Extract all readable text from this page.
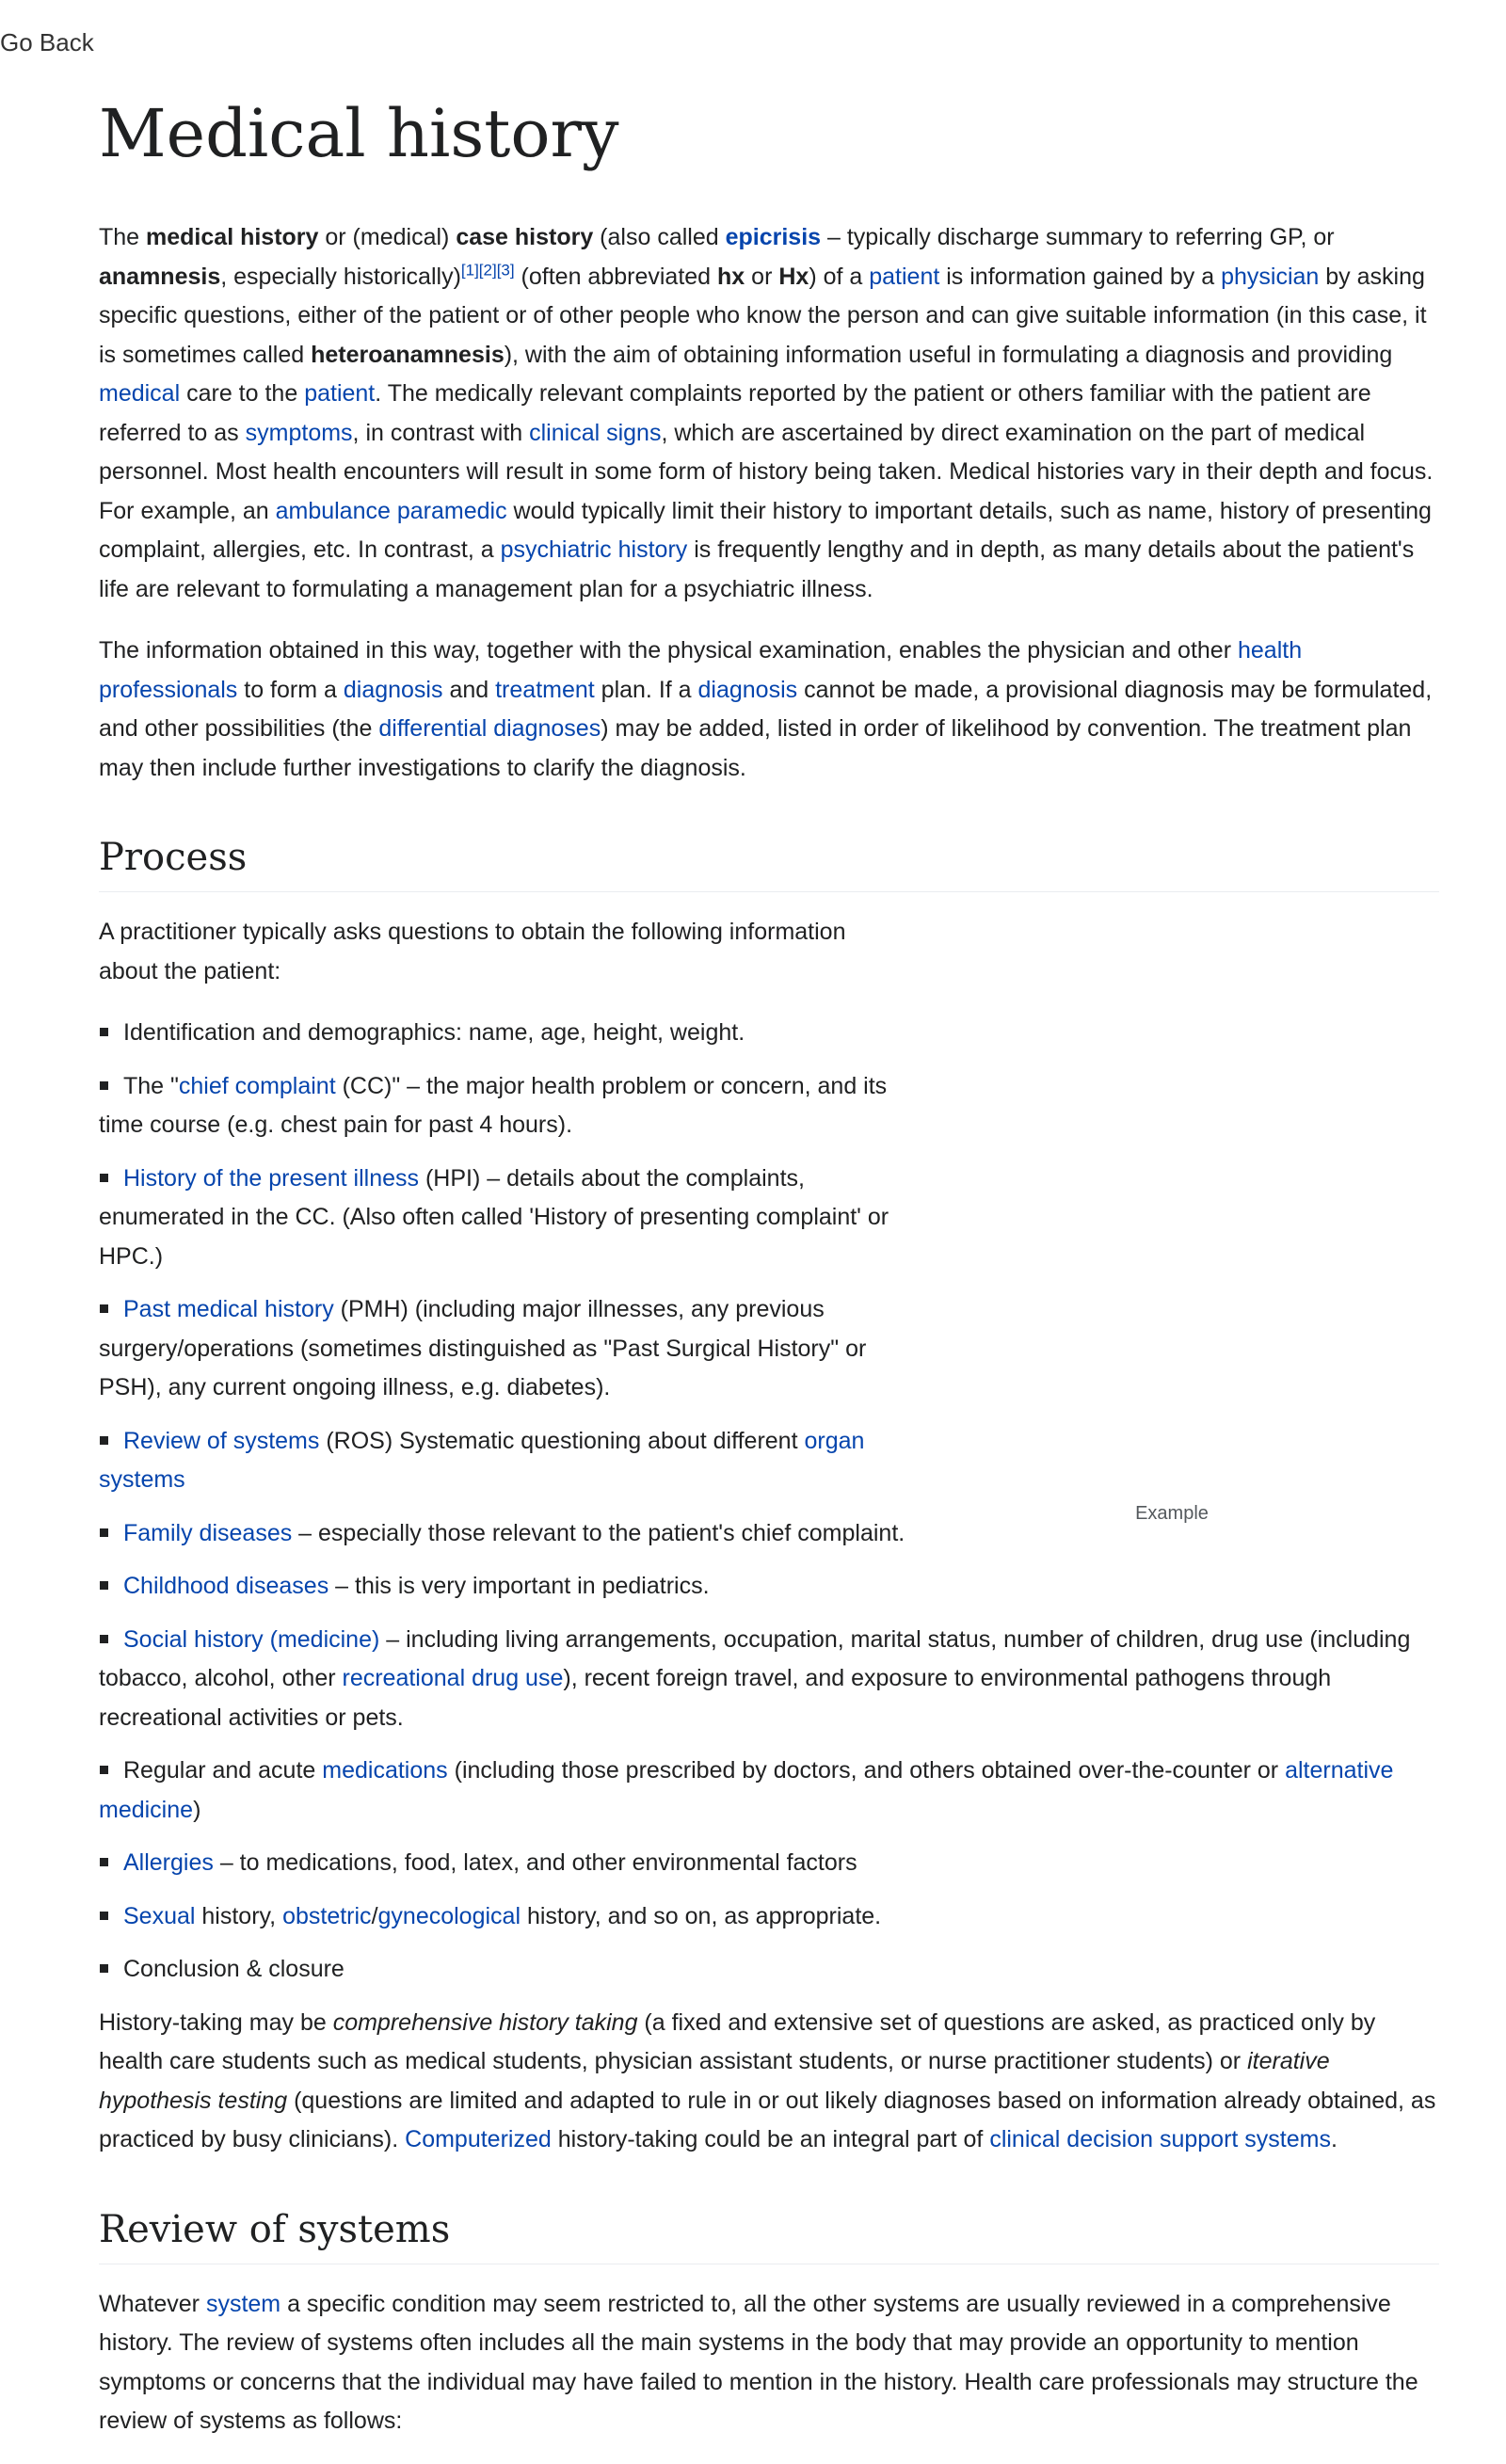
Go Back
Medical history

The medical history or (medical) case history (also called epicrisis – typically discharge summary to referring GP, or anamnesis, especially historically)[1][2][3] (often abbreviated hx or Hx) of a patient is information gained by a physician by asking specific questions, either of the patient or of other people who know the person and can give suitable information (in this case, it is sometimes called heteroanamnesis), with the aim of obtaining information useful in formulating a diagnosis and providing medical care to the patient. The medically relevant complaints reported by the patient or others familiar with the patient are referred to as symptoms, in contrast with clinical signs, which are ascertained by direct examination on the part of medical personnel. Most health encounters will result in some form of history being taken. Medical histories vary in their depth and focus. For example, an ambulance paramedic would typically limit their history to important details, such as name, history of presenting complaint, allergies, etc. In contrast, a psychiatric history is frequently lengthy and in depth, as many details about the patient's life are relevant to formulating a management plan for a psychiatric illness.

The information obtained in this way, together with the physical examination, enables the physician and other health professionals to form a diagnosis and treatment plan. If a diagnosis cannot be made, a provisional diagnosis may be formulated, and other possibilities (the differential diagnoses) may be added, listed in order of likelihood by convention. The treatment plan may then include further investigations to clarify the diagnosis.

Process

A practitioner typically asks questions to obtain the following information about the patient:

Identification and demographics: name, age, height, weight.
The "chief complaint (CC)" – the major health problem or concern, and its time course (e.g. chest pain for past 4 hours).
History of the present illness (HPI) – details about the complaints, enumerated in the CC. (Also often called 'History of presenting complaint' or HPC.)
Past medical history (PMH) (including major illnesses, any previous surgery/operations (sometimes distinguished as "Past Surgical History" or PSH), any current ongoing illness, e.g. diabetes).
Review of systems (ROS) Systematic questioning about different organ systems
Family diseases – especially those relevant to the patient's chief complaint.
Childhood diseases – this is very important in pediatrics.
Social history (medicine) – including living arrangements, occupation, marital status, number of children, drug use (including tobacco, alcohol, other recreational drug use), recent foreign travel, and exposure to environmental pathogens through recreational activities or pets.
Regular and acute medications (including those prescribed by doctors, and others obtained over-the-counter or alternative medicine)
Allergies – to medications, food, latex, and other environmental factors
Sexual history, obstetric/gynecological history, and so on, as appropriate.
Conclusion & closure

History-taking may be comprehensive history taking (a fixed and extensive set of questions are asked, as practiced only by health care students such as medical students, physician assistant students, or nurse practitioner students) or iterative hypothesis testing (questions are limited and adapted to rule in or out likely diagnoses based on information already obtained, as practiced by busy clinicians). Computerized history-taking could be an integral part of clinical decision support systems.

Review of systems

Whatever system a specific condition may seem restricted to, all the other systems are usually reviewed in a comprehensive history. The review of systems often includes all the main systems in the body that may provide an opportunity to mention symptoms or concerns that the individual may have failed to mention in the history. Health care professionals may structure the review of systems as follows:

Example
